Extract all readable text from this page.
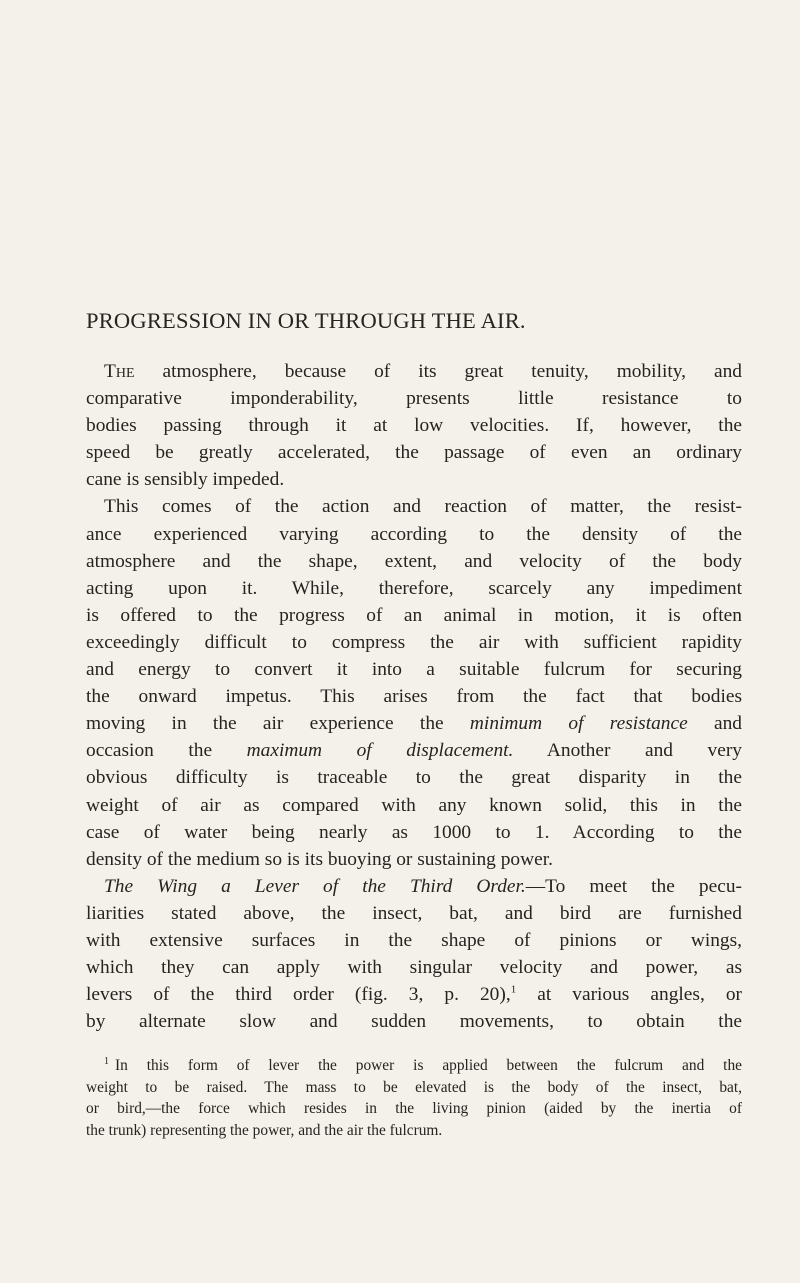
PROGRESSION IN OR THROUGH THE AIR.
The atmosphere, because of its great tenuity, mobility, and
comparative imponderability, presents little resistance to
bodies passing through it at low velocities. If, however, the
speed be greatly accelerated, the passage of even an ordinary
cane is sensibly impeded.
This comes of the action and reaction of matter, the resist-
ance experienced varying according to the density of the
atmosphere and the shape, extent, and velocity of the body
acting upon it. While, therefore, scarcely any impediment
is offered to the progress of an animal in motion, it is often
exceedingly difficult to compress the air with sufficient rapidity
and energy to convert it into a suitable fulcrum for securing
the onward impetus. This arises from the fact that bodies
moving in the air experience the minimum of resistance and
occasion the maximum of displacement. Another and very
obvious difficulty is traceable to the great disparity in the
weight of air as compared with any known solid, this in the
case of water being nearly as 1000 to 1. According to the
density of the medium so is its buoying or sustaining power.
The Wing a Lever of the Third Order.—To meet the pecu-
liarities stated above, the insect, bat, and bird are furnished
with extensive surfaces in the shape of pinions or wings,
which they can apply with singular velocity and power, as
levers of the third order (fig. 3, p. 20),$^1$ at various angles, or
by alternate slow and sudden movements, to obtain the
$^1$ In this form of lever the power is applied between the fulcrum and the
weight to be raised. The mass to be elevated is the body of the insect, bat,
or bird,—the force which resides in the living pinion (aided by the inertia of
the trunk) representing the power, and the air the fulcrum.
